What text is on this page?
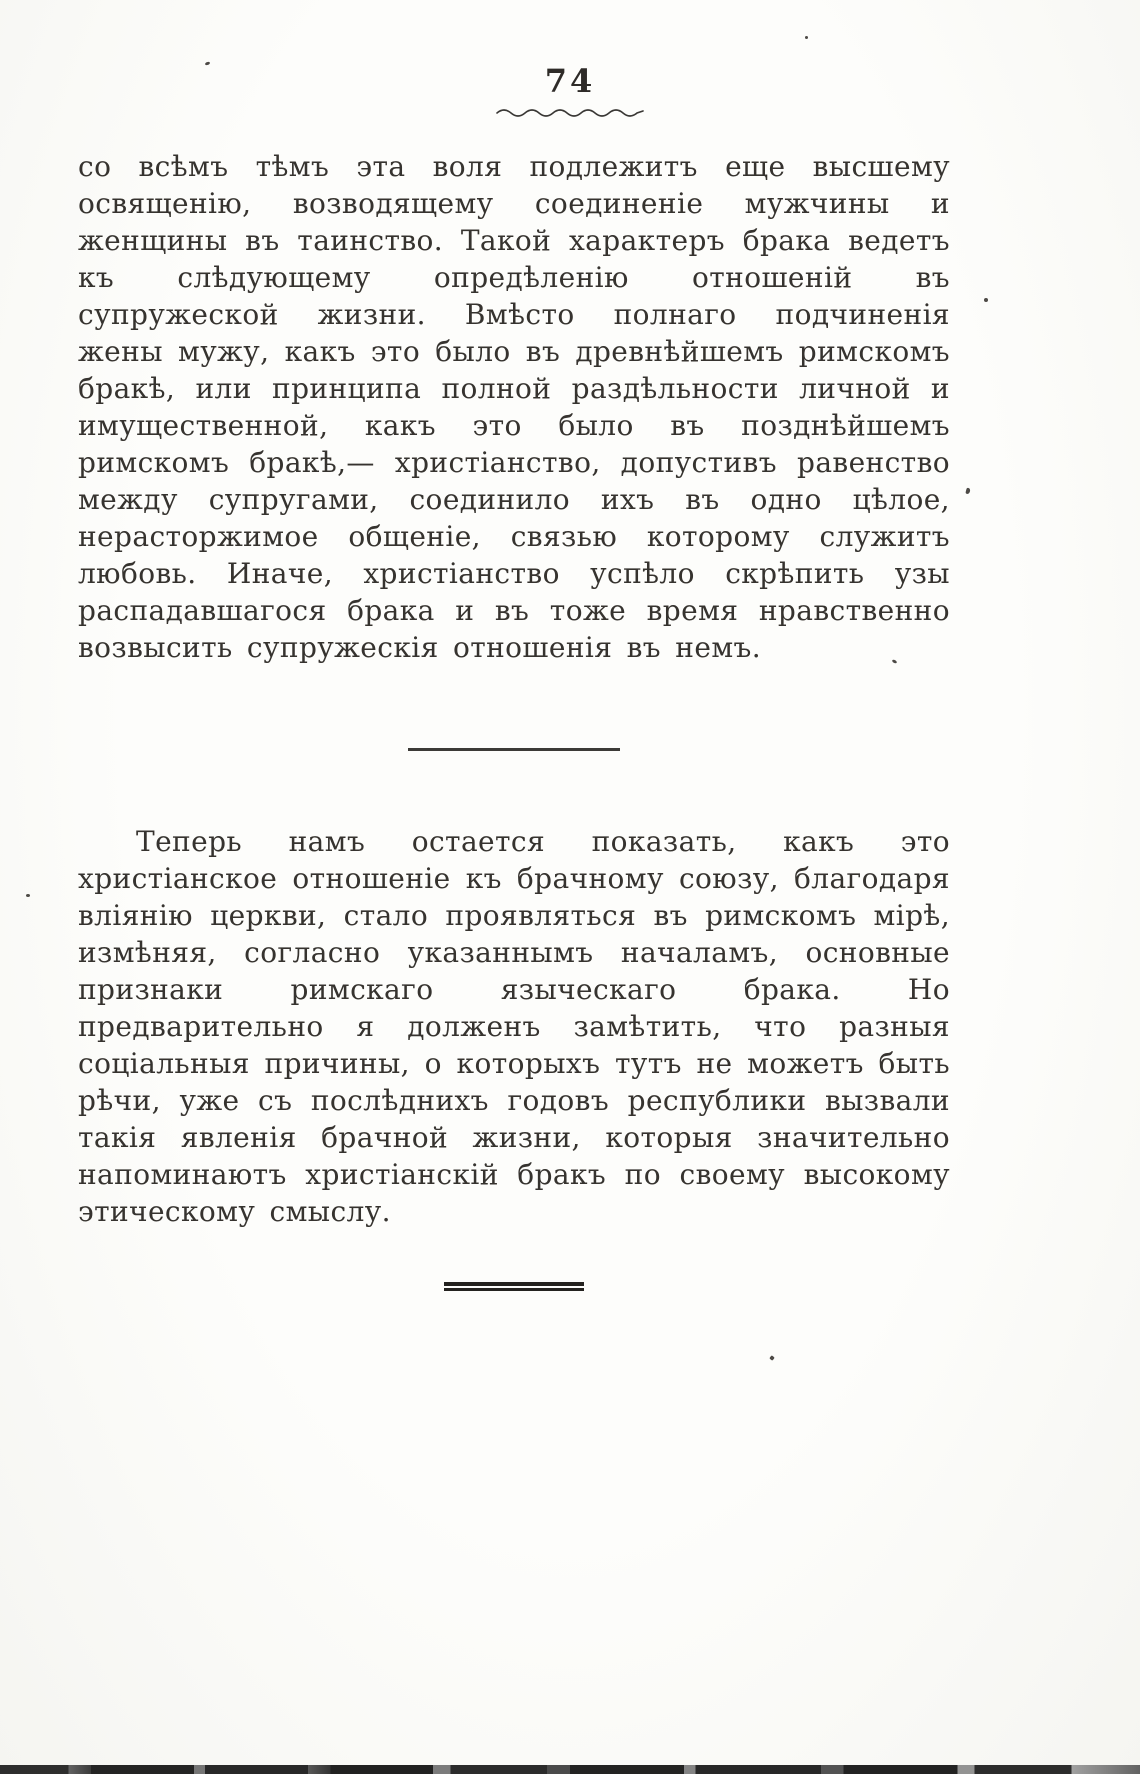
74

со всѣмъ тѣмъ эта воля подлежитъ еще высшему освященію, возводящему соединеніе мужчины и женщины въ таинство. Такой характеръ брака ведетъ къ слѣдующему опредѣленію отношеній въ супружеской жизни. Вмѣсто полнаго подчиненія жены мужу, какъ это было въ древнѣйшемъ римскомъ бракѣ, или принципа полной раздѣльности личной и имущественной, какъ это было въ позднѣйшемъ римскомъ бракѣ,— христіанство, допустивъ равенство между супругами, соединило ихъ въ одно цѣлое, нерасторжимое общеніе, связью которому служитъ любовь. Иначе, христіанство успѣло скрѣпить узы распадавшагося брака и въ тоже время нравственно возвысить супружескія отношенія въ немъ.

Теперь намъ остается показать, какъ это христіанское отношеніе къ брачному союзу, благодаря вліянію церкви, стало проявляться въ римскомъ мірѣ, измѣняя, согласно указаннымъ началамъ, основные признаки римскаго языческаго брака. Но предварительно я долженъ замѣтить, что разныя соціальныя причины, о которыхъ тутъ не можетъ быть рѣчи, уже съ послѣднихъ годовъ республики вызвали такія явленія брачной жизни, которыя значительно напоминаютъ христіанскій бракъ по своему высокому этическому смыслу.
